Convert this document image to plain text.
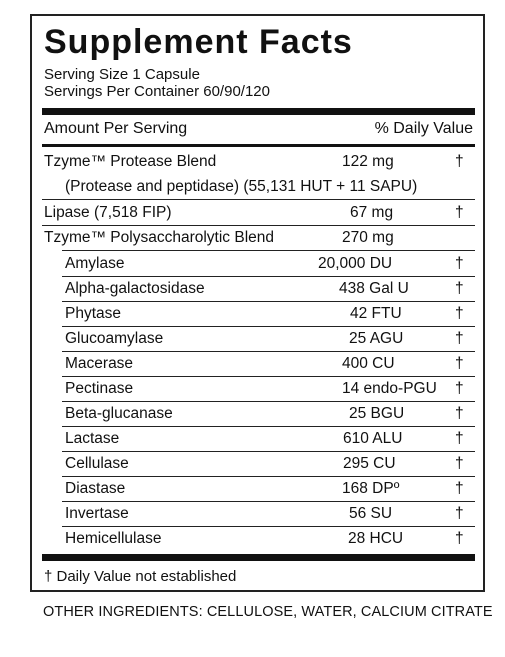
Supplement Facts
Serving Size 1 Capsule
Servings Per Container 60/90/120
Amount Per Serving	% Daily Value
Tzyme™ Protease Blend	122 mg	†
(Protease and peptidase) (55,131 HUT + 11 SAPU)
Lipase (7,518 FIP)	67 mg	†
Tzyme™ Polysaccharolytic Blend	270 mg
Amylase	20,000 DU	†
Alpha-galactosidase	438 Gal U	†
Phytase	42 FTU	†
Glucoamylase	25 AGU	†
Macerase	400 CU	†
Pectinase	14 endo-PGU †
Beta-glucanase	25 BGU	†
Lactase	610 ALU	†
Cellulase	295 CU	†
Diastase	168 DPº	†
Invertase	56 SU	†
Hemicellulase	28 HCU	†
† Daily Value not established
OTHER INGREDIENTS: CELLULOSE, WATER, CALCIUM CITRATE
